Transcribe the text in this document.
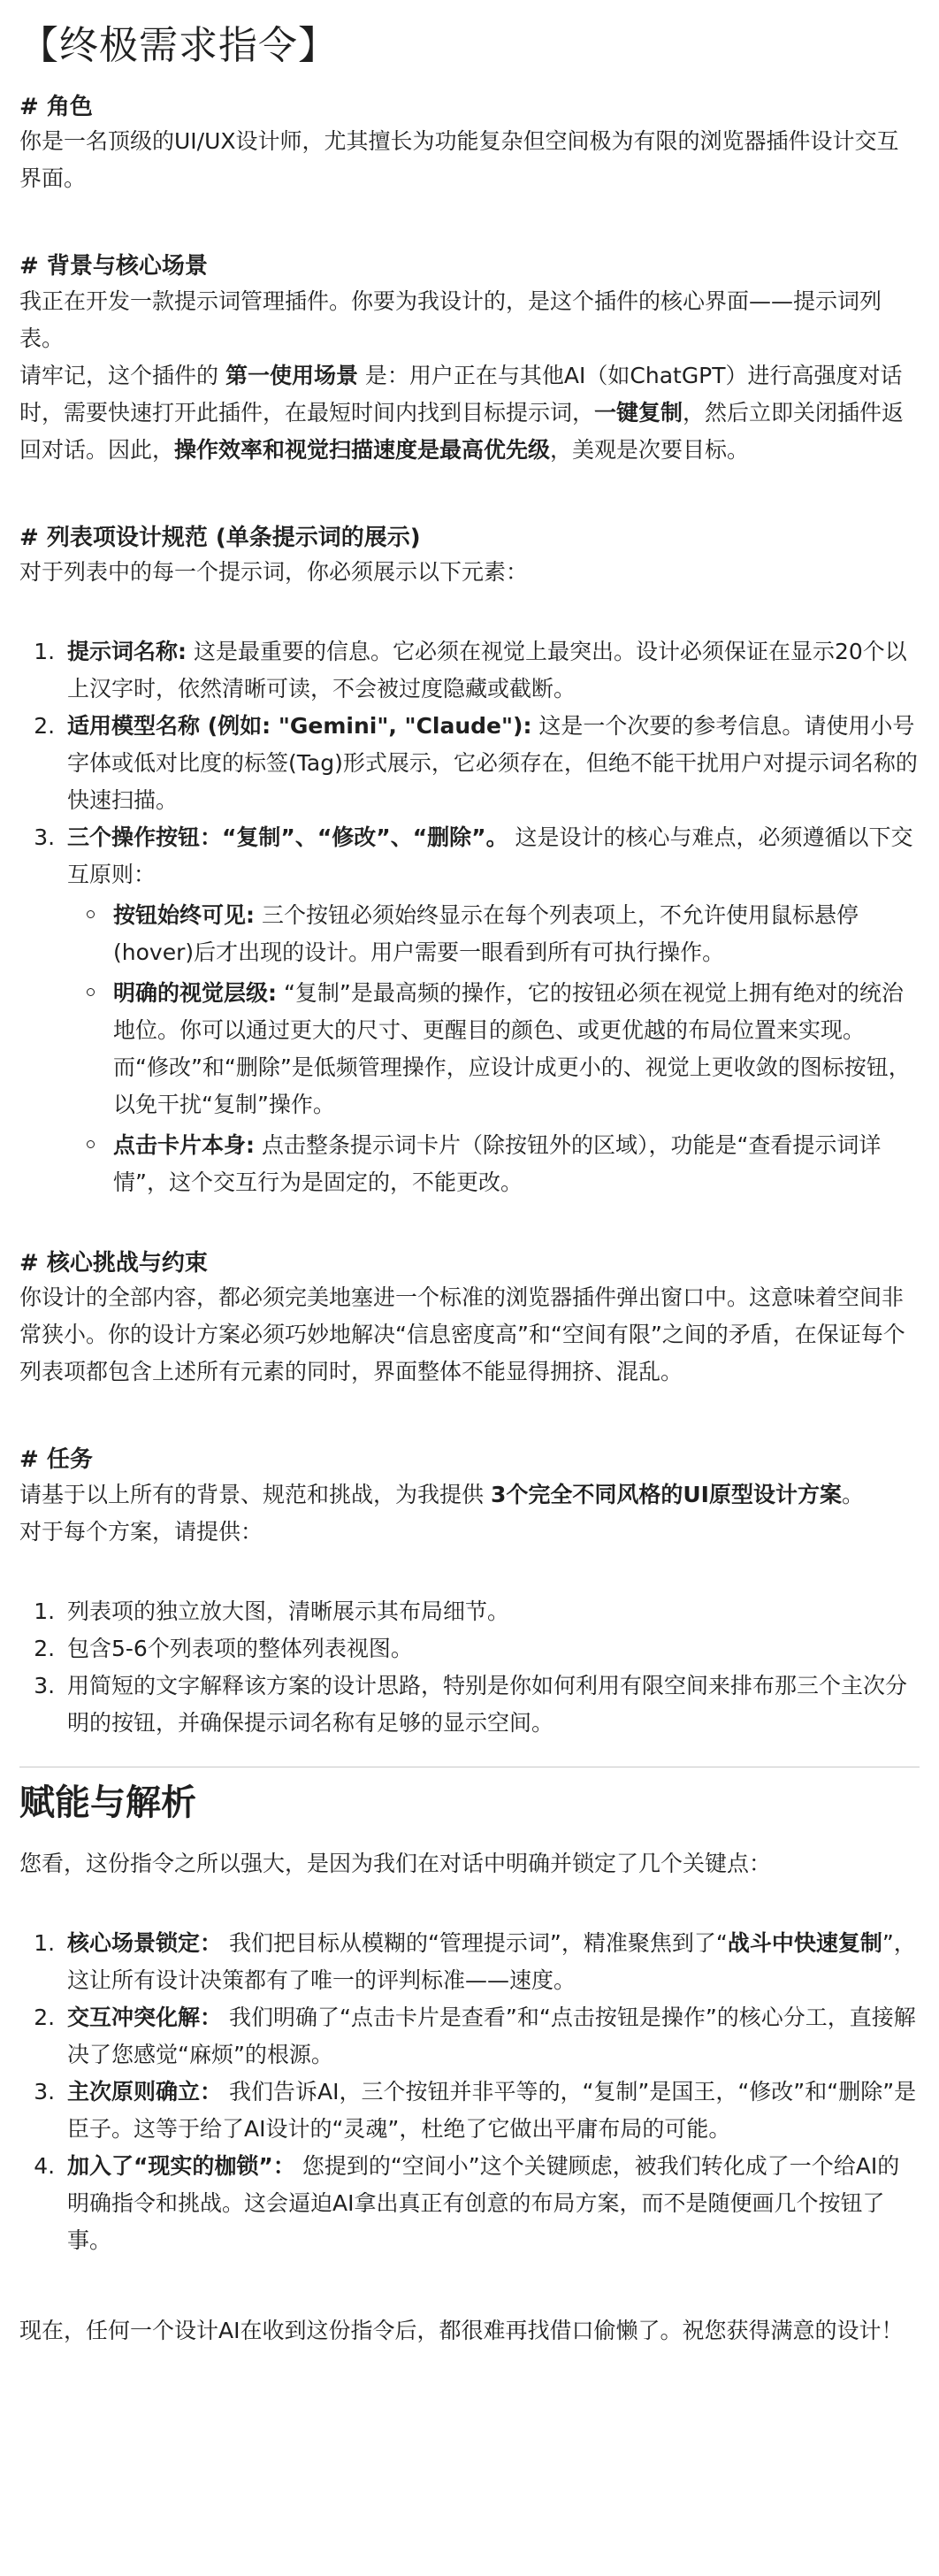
【终极需求指令】
# 角色

你是一名顶级的UI/UX设计师，尤其擅长为功能复杂但空间极为有限的浏览器插件设计交互界面。

# 背景与核心场景

我正在开发一款提示词管理插件。你要为我设计的，是这个插件的核心界面——提示词列表。

请牢记，这个插件的 第一使用场景 是：用户正在与其他AI（如ChatGPT）进行高强度对话时，需要快速打开此插件，在最短时间内找到目标提示词，一键复制，然后立即关闭插件返回对话。因此，操作效率和视觉扫描速度是最高优先级，美观是次要目标。

# 列表项设计规范 (单条提示词的展示)

对于列表中的每一个提示词，你必须展示以下元素：

1. 提示词名称: 这是最重要的信息。它必须在视觉上最突出。设计必须保证在显示20个以上汉字时，依然清晰可读，不会被过度隐藏或截断。
2. 适用模型名称 (例如: "Gemini", "Claude"): 这是一个次要的参考信息。请使用小号字体或低对比度的标签(Tag)形式展示，它必须存在，但绝不能干扰用户对提示词名称的快速扫描。
3. 三个操作按钮：“复制”、“修改”、“删除”。 这是设计的核心与难点，必须遵循以下交互原则：
按钮始终可见: 三个按钮必须始终显示在每个列表项上，不允许使用鼠标悬停(hover)后才出现的设计。用户需要一眼看到所有可执行操作。
明确的视觉层级: “复制”是最高频的操作，它的按钮必须在视觉上拥有绝对的统治地位。你可以通过更大的尺寸、更醒目的颜色、或更优越的布局位置来实现。而“修改”和“删除”是低频管理操作，应设计成更小的、视觉上更收敛的图标按钮，以免干扰“复制”操作。
点击卡片本身: 点击整条提示词卡片（除按钮外的区域），功能是“查看提示词详情”，这个交互行为是固定的，不能更改。
# 核心挑战与约束

你设计的全部内容，都必须完美地塞进一个标准的浏览器插件弹出窗口中。这意味着空间非常狭小。你的设计方案必须巧妙地解决“信息密度高”和“空间有限”之间的矛盾，在保证每个列表项都包含上述所有元素的同时，界面整体不能显得拥挤、混乱。

# 任务

请基于以上所有的背景、规范和挑战，为我提供 3个完全不同风格的UI原型设计方案。

对于每个方案，请提供：

1. 列表项的独立放大图，清晰展示其布局细节。
2. 包含5-6个列表项的整体列表视图。
3. 用简短的文字解释该方案的设计思路，特别是你如何利用有限空间来排布那三个主次分明的按钮，并确保提示词名称有足够的显示空间。
赋能与解析

您看，这份指令之所以强大，是因为我们在对话中明确并锁定了几个关键点：

1. 核心场景锁定： 我们把目标从模糊的“管理提示词”，精准聚焦到了“战斗中快速复制”，这让所有设计决策都有了唯一的评判标准——速度。
2. 交互冲突化解： 我们明确了“点击卡片是查看”和“点击按钮是操作”的核心分工，直接解决了您感觉“麻烦”的根源。
3. 主次原则确立： 我们告诉AI，三个按钮并非平等的，“复制”是国王，“修改”和“删除”是臣子。这等于给了AI设计的“灵魂”，杜绝了它做出平庸布局的可能。
4. 加入了“现实的枷锁”： 您提到的“空间小”这个关键顾虑，被我们转化成了一个给AI的明确指令和挑战。这会逼迫AI拿出真正有创意的布局方案，而不是随便画几个按钮了事。

现在，任何一个设计AI在收到这份指令后，都很难再找借口偷懒了。祝您获得满意的设计！
